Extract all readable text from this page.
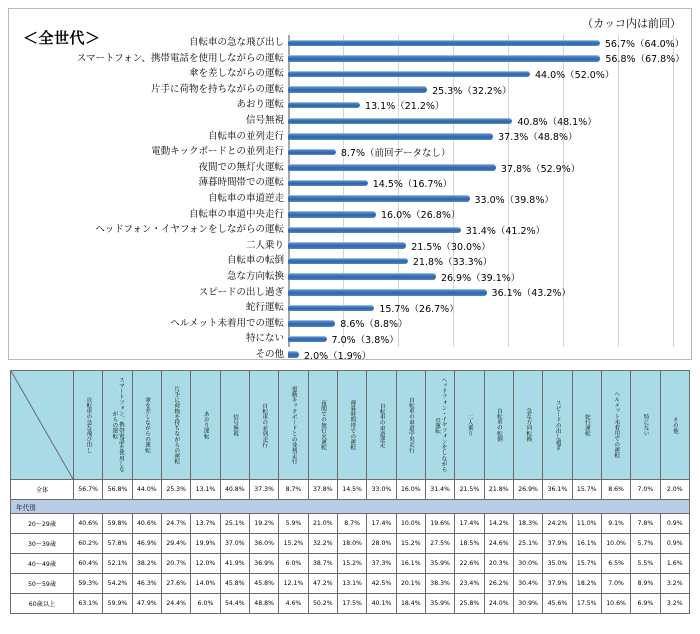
＜全世代＞
（カッコ内は前回）
自転車の急な飛び出し	56.7%（64.0%）
スマートフォン、携帯電話を使用しながらの運転	56.8%（67.8%）
傘を差しながらの運転	44.0%（52.0%）
片手に荷物を持ちながらの運転	25.3%（32.2%）
あおり運転	13.1%（21.2%）
信号無視	40.8%（48.1%）
自転車の並列走行	37.3%（48.8%）
電動キックボードとの並列走行	8.7%（前回データなし）
夜間での無灯火運転	37.8%（52.9%）
薄暮時間帯での運転	14.5%（16.7%）
自転車の車道逆走	33.0%（39.8%）
自転車の車道中央走行	16.0%（26.8%）
ヘッドフォン・イヤフォンをしながらの運転	31.4%（41.2%）
二人乗り	21.5%（30.0%）
自転車の転倒	21.8%（33.3%）
急な方向転換	26.9%（39.1%）
スピードの出し過ぎ	36.1%（43.2%）
蛇行運転	15.7%（26.7%）
ヘルメット未着用での運転	8.6%（8.8%）
特にない	7.0%（3.8%）
その他	2.0%（1.9%）

自転車の急な飛び出し	スマートフォン、携帯電話を使用しながらの運転	傘を差しながらの運転	片手に荷物を持ちながらの運転	あおり運転	信号無視	自転車の並列走行	電動キックボードとの並列走行	夜間での無灯火運転	薄暮時間帯での運転	自転車の車道逆走	自転車の車道中央走行	ヘッドフォン・イヤフォンをしながらの運転	二人乗り	自転車の転倒	急な方向転換	スピードの出し過ぎ	蛇行運転	ヘルメット未着用での運転	特にない	その他

全体	56.7%	56.8%	44.0%	25.3%	13.1%	40.8%	37.3%	8.7%	37.8%	14.5%	33.0%	16.0%	31.4%	21.5%	21.8%	26.9%	36.1%	15.7%	8.6%	7.0%	2.0%
年代別																					
20〜29歳	40.6%	59.8%	40.6%	24.7%	13.7%	25.1%	19.2%	5.9%	21.0%	8.7%	17.4%	10.0%	19.6%	17.4%	14.2%	18.3%	24.2%	11.0%	9.1%	7.8%	0.9%
30〜39歳	60.2%	57.8%	46.9%	29.4%	19.9%	37.0%	36.0%	15.2%	32.2%	18.0%	28.0%	15.2%	27.5%	18.5%	24.6%	25.1%	37.9%	16.1%	10.0%	5.7%	0.9%
40〜49歳	60.4%	52.1%	38.2%	20.7%	12.0%	41.9%	36.9%	6.0%	38.7%	15.2%	37.3%	16.1%	35.9%	22.6%	20.3%	30.0%	35.0%	15.7%	6.5%	5.5%	1.6%
50〜59歳	59.3%	54.2%	46.3%	27.6%	14.0%	45.8%	45.8%	12.1%	47.2%	13.1%	42.5%	20.1%	38.3%	23.4%	26.2%	30.4%	37.9%	18.2%	7.0%	8.9%	3.2%
60歳以上	63.1%	59.9%	47.9%	24.4%	6.0%	54.4%	48.8%	4.6%	50.2%	17.5%	40.1%	18.4%	35.9%	25.8%	24.0%	30.9%	45.6%	17.5%	10.6%	6.9%	3.2%
